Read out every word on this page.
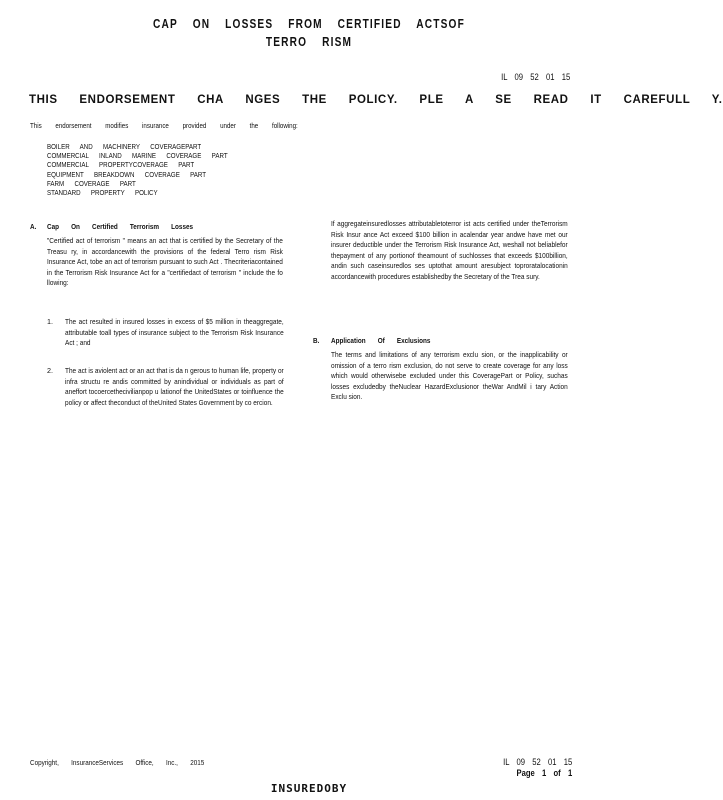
CAP ON LOSSES FROM CERTIFIED ACTSOF
TERRO RISM
IL 09 52 01 15
THIS ENDORSEMENT CHA NGES THE POLICY. PLE A SE READ IT CAREFULL Y.
This endorsement modifies insurance provided under the following:
BOILER AND MACHINERY COVERAGEPART
COMMERCIAL INLAND MARINE COVERAGE PART
COMMERCIAL PROPERTYCOVERAGE PART
EQUIPMENT BREAKDOWN COVERAGE PART
FARM COVERAGE PART
STANDARD PROPERTY POLICY
A. Cap On Certified Terrorism Losses
"Certified act of terrorism " means an act that is certified by the Secretary of the Treasu ry, in accordancewith the provisions of the federal Terro rism Risk Insurance Act, tobe an act of terrorism pursuant to such Act . Thecriteriacontained in the Terrorism Risk Insurance Act for a "certifiedact of terrorism " include the fo llowing:
1. The act resulted in insured losses in excess of $5 million in theaggregate, attributable toall types of insurance subject to the Terrorism Risk Insurance Act ; and
2. The act is aviolent act or an act that is da n gerous to human life, property or infra structu re andis committed by anindividual or individuals as part of aneffort tocoercethecivilianpop u lationof the UnitedStates or toinfluence the policy or affect theconduct of theUnited States Government by co ercion.
If aggregateinsuredlosses attributabletoterror ist acts certified under theTerrorism Risk Insur ance Act exceed $100 billion in acalendar year andwe have met our insurer deductible under the Terrorism Risk Insurance Act, weshall not beliablefor thepayment of any portionof theamount of suchlosses that exceeds $100billion, andin such caseinsuredlos ses uptothat amount aresubject toproratalocationin accordancewith procedures establishedby the Secretary of the Trea sury.
B. Application Of Exclusions
The terms and limitations of any terrorism exclu sion, or the inapplicability or omission of a terro rism exclusion, do not serve to create coverage for any loss which would otherwisebe excluded under this CoveragePart or Policy, suchas losses excludedby theNuclear HazardExclusionor theWar AndMil i tary Action Exclu sion.
Copyright, InsuranceServices Office, Inc., 2015	IL 09 52 01 15
Page 1 of 1
INSUREDOBY
